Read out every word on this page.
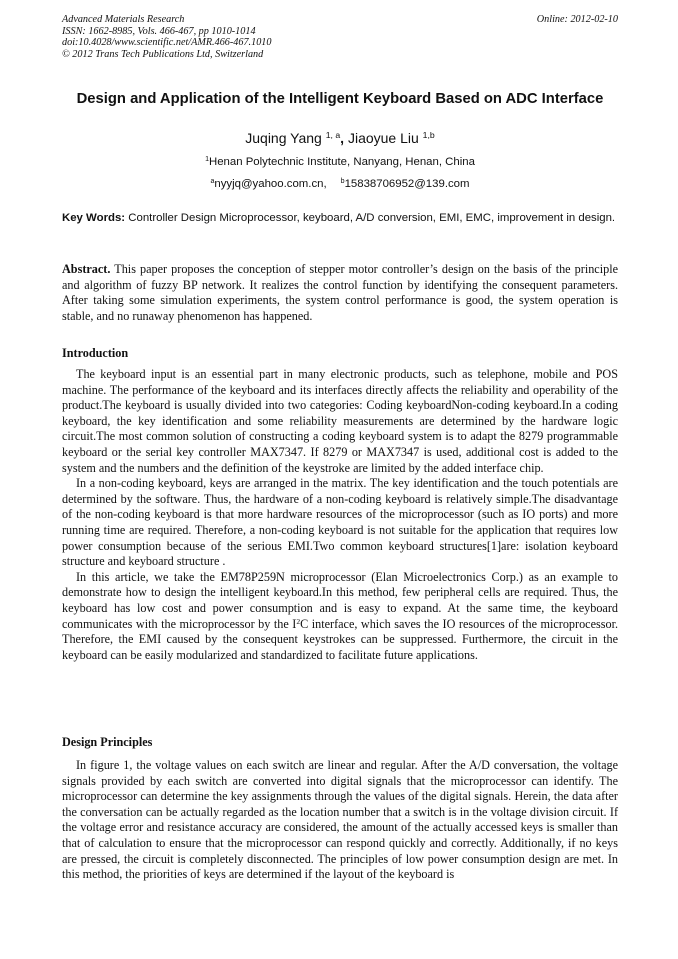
Advanced Materials Research
ISSN: 1662-8985, Vols. 466-467, pp 1010-1014
doi:10.4028/www.scientific.net/AMR.466-467.1010
© 2012 Trans Tech Publications Ltd, Switzerland
Online: 2012-02-10
Design and Application of the Intelligent Keyboard Based on ADC Interface
Juqing Yang $^{1, a}$, Jiaoyue Liu $^{1,b}$
$^1$Henan Polytechnic Institute, Nanyang, Henan, China
$^a$nyyjq@yahoo.com.cn, $^b$15838706952@139.com
Key Words: Controller Design Microprocessor, keyboard, A/D conversion, EMI, EMC, improvement in design.
Abstract. This paper proposes the conception of stepper motor controller’s design on the basis of the principle and algorithm of fuzzy BP network. It realizes the control function by identifying the consequent parameters. After taking some simulation experiments, the system control performance is good, the system operation is stable, and no runaway phenomenon has happened.
Introduction

The keyboard input is an essential part in many electronic products, such as telephone, mobile and POS machine. The performance of the keyboard and its interfaces directly affects the reliability and operability of the product.The keyboard is usually divided into two categories: Coding keyboardNon-coding keyboard.In a coding keyboard, the key identification and some reliability measurements are determined by the hardware logic circuit.The most common solution of constructing a coding keyboard system is to adapt the 8279 programmable keyboard or the serial key controller MAX7347. If 8279 or MAX7347 is used, additional cost is added to the system and the numbers and the definition of the keystroke are limited by the added interface chip.

In a non-coding keyboard, keys are arranged in the matrix. The key identification and the touch potentials are determined by the software. Thus, the hardware of a non-coding keyboard is relatively simple.The disadvantage of the non-coding keyboard is that more hardware resources of the microprocessor (such as IO ports) and more running time are required. Therefore, a non-coding keyboard is not suitable for the application that requires low power consumption because of the serious EMI.Two common keyboard structures[1]are: isolation keyboard structure and keyboard structure .

In this article, we take the EM78P259N microprocessor (Elan Microelectronics Corp.) as an example to demonstrate how to design the intelligent keyboard.In this method, few peripheral cells are required. Thus, the keyboard has low cost and power consumption and is easy to expand. At the same time, the keyboard communicates with the microprocessor by the $I^2C$ interface, which saves the IO resources of the microprocessor. Therefore, the EMI caused by the consequent keystrokes can be suppressed. Furthermore, the circuit in the keyboard can be easily modularized and standardized to facilitate future applications.

Design Principles

In figure 1, the voltage values on each switch are linear and regular. After the A/D conversation, the voltage signals provided by each switch are converted into digital signals that the microprocessor can identify. The microprocessor can determine the key assignments through the values of the digital signals. Herein, the data after the conversation can be actually regarded as the location number that a switch is in the voltage division circuit. If the voltage error and resistance accuracy are considered, the amount of the actually accessed keys is smaller than that of calculation to ensure that the microprocessor can respond quickly and correctly. Additionally, if no keys are pressed, the circuit is completely disconnected. The principles of low power consumption design are met. In this method, the priorities of keys are determined if the layout of the keyboard is
